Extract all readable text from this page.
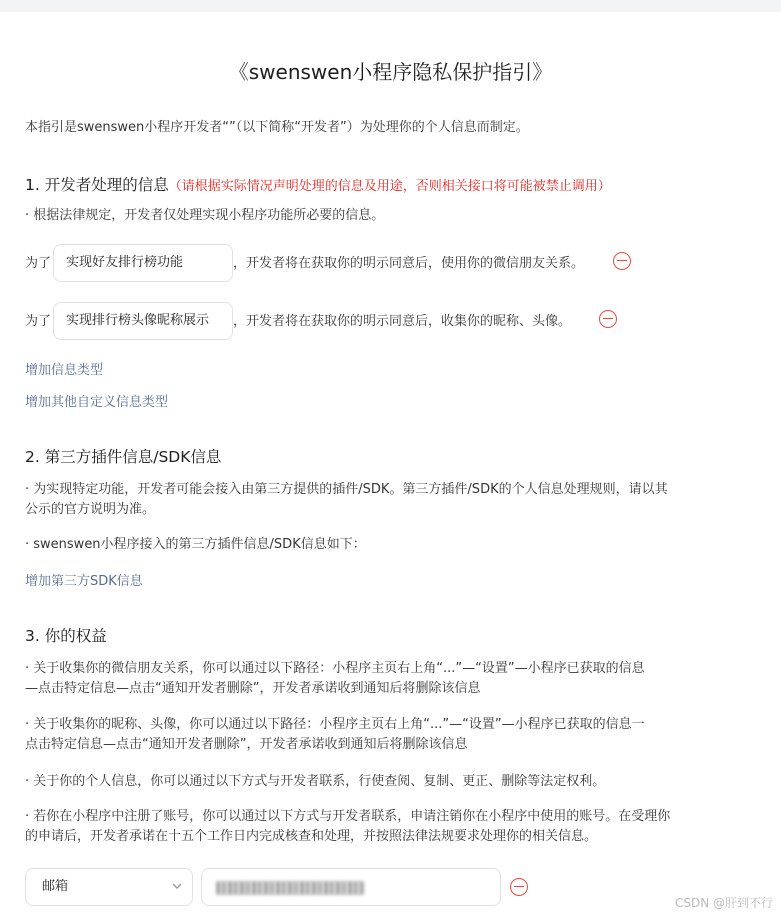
《swenswen小程序隐私保护指引》
本指引是swenswen小程序开发者“”（以下简称“开发者”）为处理你的个人信息而制定。
1. 开发者处理的信息（请根据实际情况声明处理的信息及用途，否则相关接口将可能被禁止调用）
· 根据法律规定，开发者仅处理实现小程序功能所必要的信息。
为了	实现好友排行榜功能	，开发者将在获取你的明示同意后，使用你的微信朋友关系。
为了	实现排行榜头像昵称展示	，开发者将在获取你的明示同意后，收集你的昵称、头像。
增加信息类型
增加其他自定义信息类型
2. 第三方插件信息/SDK信息
· 为实现特定功能，开发者可能会接入由第三方提供的插件/SDK。第三方插件/SDK的个人信息处理规则，请以其
公示的官方说明为准。
· swenswen小程序接入的第三方插件信息/SDK信息如下：
增加第三方SDK信息
3. 你的权益
· 关于收集你的微信朋友关系，你可以通过以下路径：小程序主页右上角“...”—“设置”—小程序已获取的信息
—点击特定信息—点击“通知开发者删除”，开发者承诺收到通知后将删除该信息
· 关于收集你的昵称、头像，你可以通过以下路径：小程序主页右上角“...”—“设置”—小程序已获取的信息一
点击特定信息—点击“通知开发者删除”，开发者承诺收到通知后将删除该信息
· 关于你的个人信息，你可以通过以下方式与开发者联系，行使查阅、复制、更正、删除等法定权利。
· 若你在小程序中注册了账号，你可以通过以下方式与开发者联系，申请注销你在小程序中使用的账号。在受理你
的申请后，开发者承诺在十五个工作日内完成核查和处理，并按照法律法规要求处理你的相关信息。
邮箱
CSDN @肝到不行
